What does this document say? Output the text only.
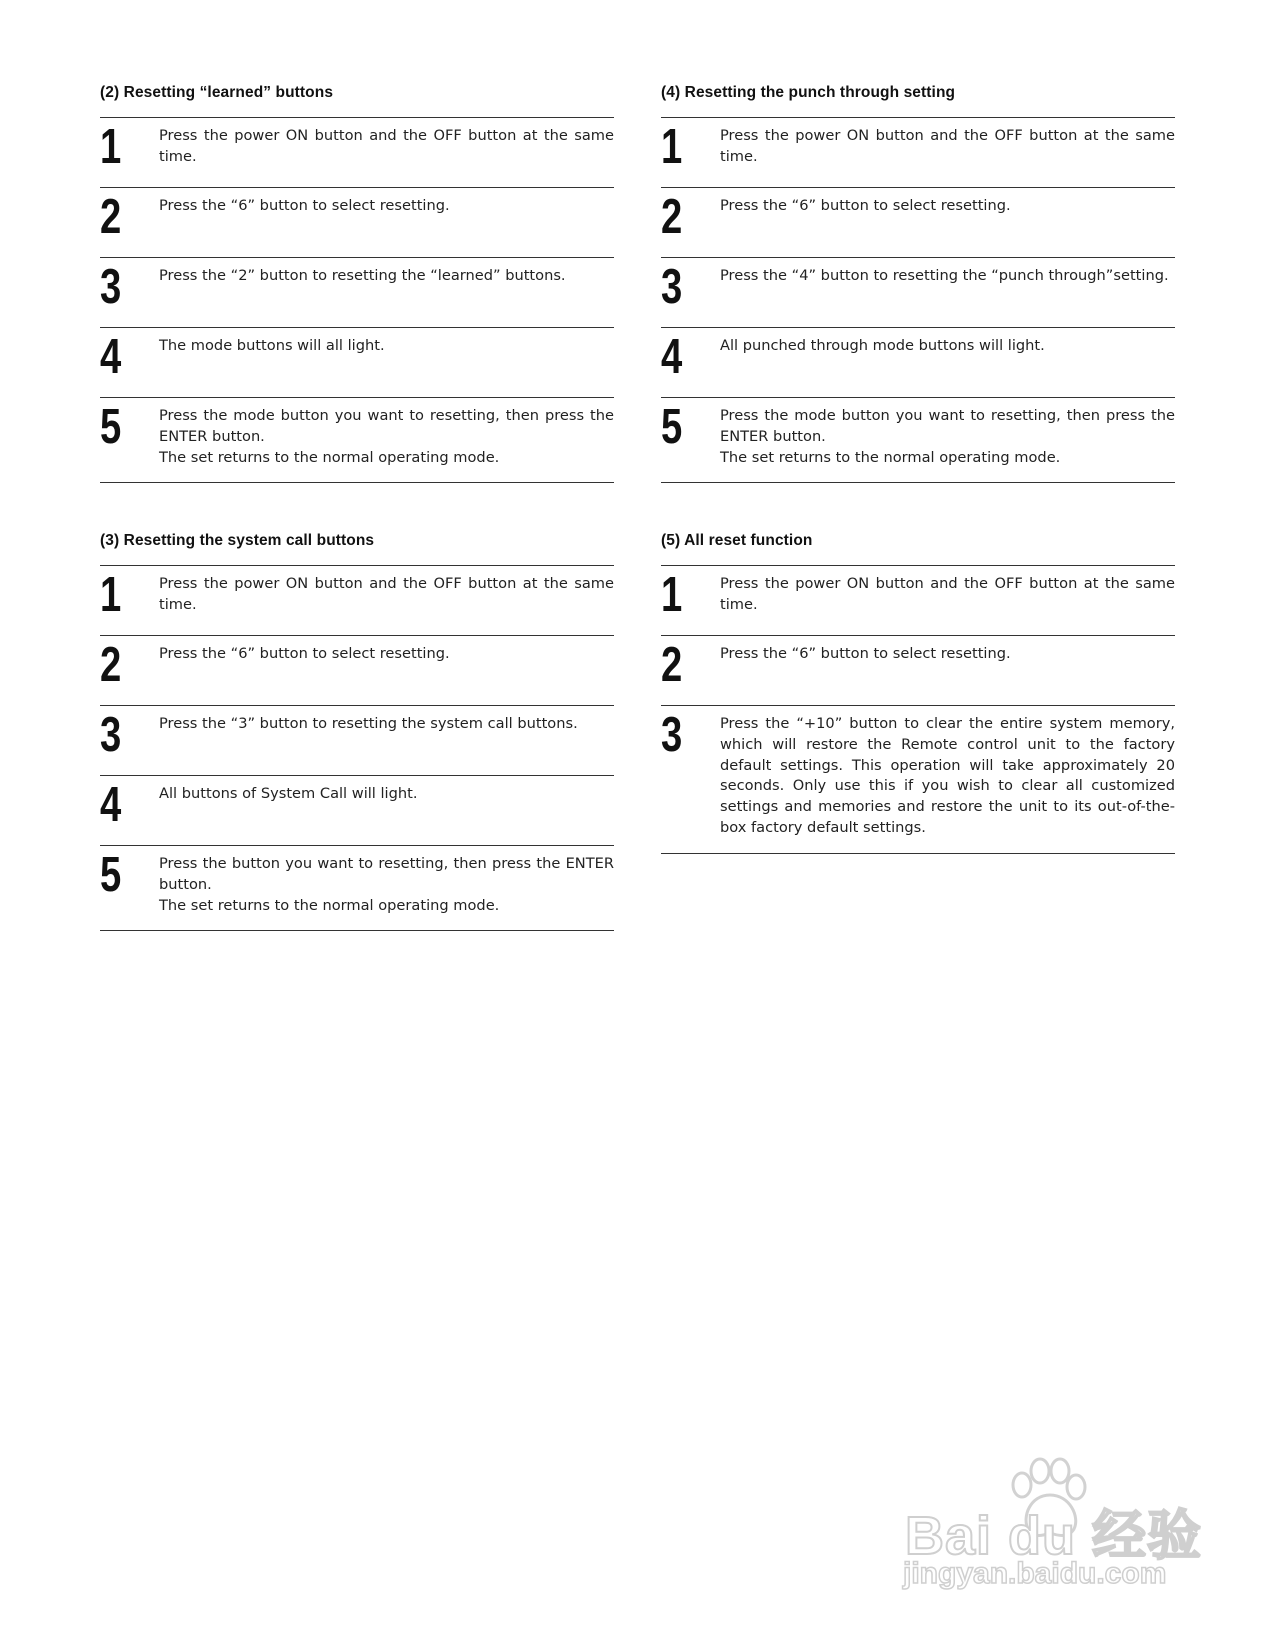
(2) Resetting “learned” buttons
1	Press the power ON button and the OFF button at the same time.
2	Press the “6” button to select resetting.
3	Press the “2” button to resetting the “learned” buttons.
4	The mode buttons will all light.
5	Press the mode button you want to resetting, then press the ENTER button.
The set returns to the normal operating mode.
(3) Resetting the system call buttons
1	Press the power ON button and the OFF button at the same time.
2	Press the “6” button to select resetting.
3	Press the “3” button to resetting the system call buttons.
4	All buttons of System Call will light.
5	Press the button you want to resetting, then press the ENTER button.
The set returns to the normal operating mode.
(4) Resetting the punch through setting
1	Press the power ON button and the OFF button at the same time.
2	Press the “6” button to select resetting.
3	Press the “4” button to resetting the “punch through”setting.
4	All punched through mode buttons will light.
5	Press the mode button you want to resetting, then press the ENTER button.
The set returns to the normal operating mode.
(5) All reset function
1	Press the power ON button and the OFF button at the same time.
2	Press the “6” button to select resetting.
3	Press the “+10” button to clear the entire system memory, which will restore the Remote control unit to the factory default settings. This operation will take approximately 20 seconds. Only use this if you wish to clear all customized settings and memories and restore the unit to its out-of-the-box factory default settings.
Bai du 经验
jingyan.baidu.com
